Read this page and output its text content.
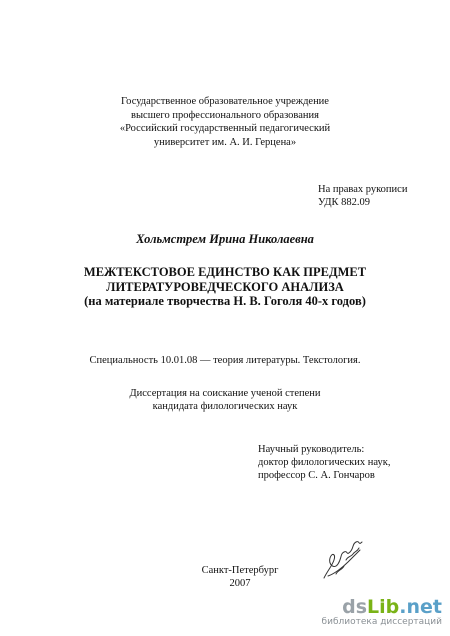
Государственное образовательное учреждение
высшего профессионального образования
«Российский государственный педагогический
университет им. А. И. Герцена»
На правах рукописи
УДК 882.09
Хольмстрем Ирина Николаевна
МЕЖТЕКСТОВОЕ ЕДИНСТВО КАК ПРЕДМЕТ
ЛИТЕРАТУРОВЕДЧЕСКОГО АНАЛИЗА
(на материале творчества Н. В. Гоголя 40-х годов)
Специальность 10.01.08 — теория литературы. Текстология.
Диссертация на соискание ученой степени
кандидата филологических наук
Научный руководитель:
доктор филологических наук,
профессор С. А. Гончаров
Санкт-Петербург
2007
dsLib.net
библиотека диссертаций
